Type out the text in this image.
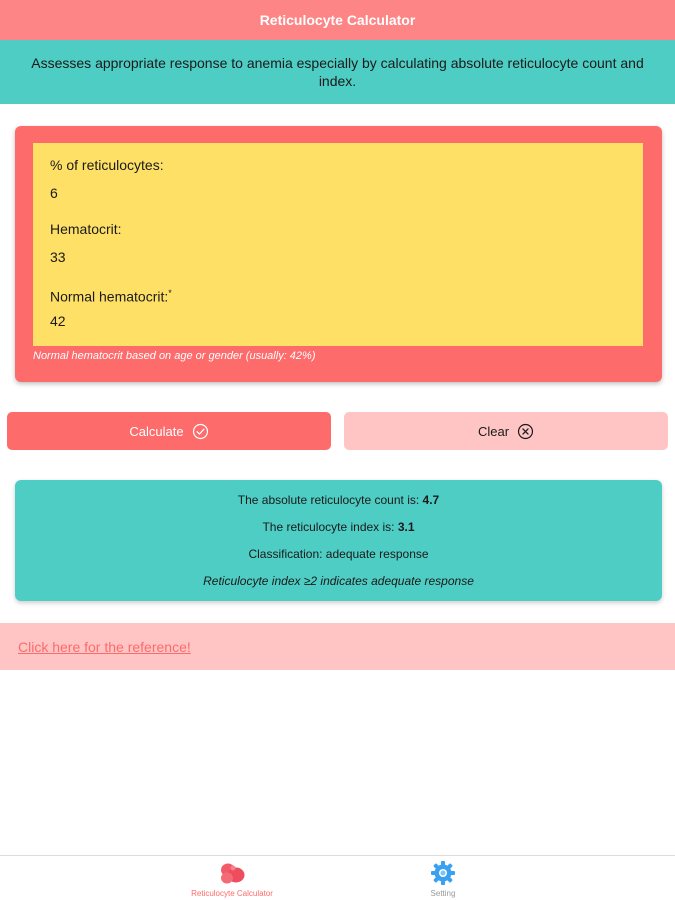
Reticulocyte Calculator
Assesses appropriate response to anemia especially by calculating absolute reticulocyte count and index.
% of reticulocytes:
6
Hematocrit:
33
Normal hematocrit:*
42
Normal hematocrit based on age or gender (usually: 42%)
Calculate	Clear
The absolute reticulocyte count is: 4.7
The reticulocyte index is: 3.1
Classification: adequate response
Reticulocyte index ≥2 indicates adequate response
Click here for the reference!
Reticulocyte Calculator	Setting
